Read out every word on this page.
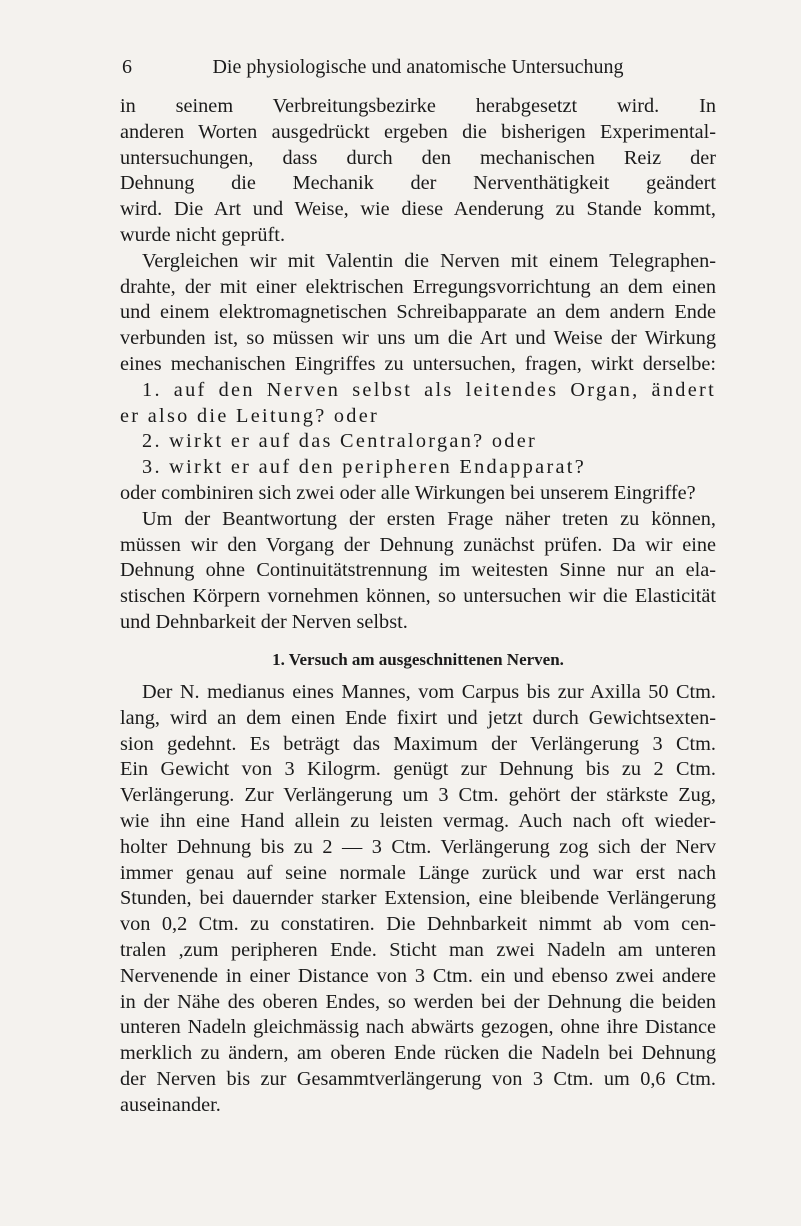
6	Die physiologische und anatomische Untersuchung
in seinem Verbreitungsbezirke herabgesetzt wird. In
anderen Worten ausgedrückt ergeben die bisherigen Experimental-
untersuchungen, dass durch den mechanischen Reiz der
Dehnung die Mechanik der Nerventhätigkeit geändert
wird. Die Art und Weise, wie diese Aenderung zu Stande kommt,
wurde nicht geprüft.
Vergleichen wir mit Valentin die Nerven mit einem Telegraphen-
drahte, der mit einer elektrischen Erregungsvorrichtung an dem einen
und einem elektromagnetischen Schreibapparate an dem andern Ende
verbunden ist, so müssen wir uns um die Art und Weise der Wirkung
eines mechanischen Eingriffes zu untersuchen, fragen, wirkt derselbe:
1. auf den Nerven selbst als leitendes Organ, ändert
er also die Leitung? oder
2. wirkt er auf das Centralorgan? oder
3. wirkt er auf den peripheren Endapparat?
oder combiniren sich zwei oder alle Wirkungen bei unserem Eingriffe?
Um der Beantwortung der ersten Frage näher treten zu können,
müssen wir den Vorgang der Dehnung zunächst prüfen. Da wir eine
Dehnung ohne Continuitätstrennung im weitesten Sinne nur an ela-
stischen Körpern vornehmen können, so untersuchen wir die Elasticität
und Dehnbarkeit der Nerven selbst.
1. Versuch am ausgeschnittenen Nerven.
Der N. medianus eines Mannes, vom Carpus bis zur Axilla 50 Ctm.
lang, wird an dem einen Ende fixirt und jetzt durch Gewichtsexten-
sion gedehnt. Es beträgt das Maximum der Verlängerung 3 Ctm.
Ein Gewicht von 3 Kilogrm. genügt zur Dehnung bis zu 2 Ctm.
Verlängerung. Zur Verlängerung um 3 Ctm. gehört der stärkste Zug,
wie ihn eine Hand allein zu leisten vermag. Auch nach oft wieder-
holter Dehnung bis zu 2 — 3 Ctm. Verlängerung zog sich der Nerv
immer genau auf seine normale Länge zurück und war erst nach
Stunden, bei dauernder starker Extension, eine bleibende Verlängerung
von 0,2 Ctm. zu constatiren. Die Dehnbarkeit nimmt ab vom cen-
tralen ,zum peripheren Ende. Sticht man zwei Nadeln am unteren
Nervenende in einer Distance von 3 Ctm. ein und ebenso zwei andere
in der Nähe des oberen Endes, so werden bei der Dehnung die beiden
unteren Nadeln gleichmässig nach abwärts gezogen, ohne ihre Distance
merklich zu ändern, am oberen Ende rücken die Nadeln bei Dehnung
der Nerven bis zur Gesammtverlängerung von 3 Ctm. um 0,6 Ctm.
auseinander.
